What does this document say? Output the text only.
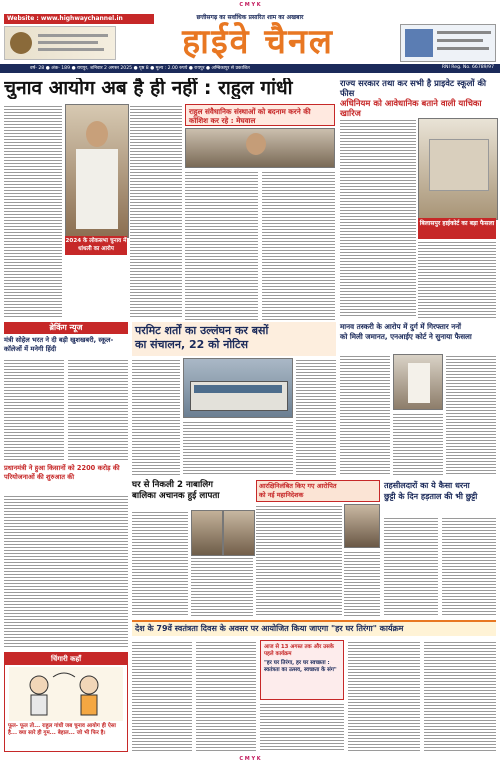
C M Y K
Website : www.highwaychannel.in	छत्तीसगढ़ का सर्वाधिक प्रसारित शाम का अखबार
हाईवे चैनल
वर्ष- 28 ● अंक- 189 ● रायपुर, शनिवार 2 अगस्त 2025 ● पृष्ठ 8 ● मूल्य : 2.00 रुपये ● रायपुर ● अम्बिकापुर से प्रकाशित	RNI Reg. No. 66789/97
चुनाव आयोग अब है ही नहीं : राहुल गांधी
2024 के लोकसभा चुनाव में धांधली का आरोप
राहुल संवैधानिक संस्थाओं को बदनाम करने की कोशिश कर रहे : मेघवाल
राज्य सरकार तथा कर सभी है प्राइवेट स्कूलों की फीस
अधिनियम को आवेधानिक बताने वाली याचिका खारिज
बिलासपुर हाईकोर्ट का बड़ा फैसला
ब्रेकिंग न्यूज
मंत्री सोहेल भरत ने दी बड़ी खुशखबरी, स्कूल-कॉलेजों में मनेगी हिंदी
प्रधानमंत्री ने हुआ किसानों को 2200 करोड़ की परियोजनाओं की शुरुआत की
परमिट शर्तों का उल्लंघन कर बसों
का संचालन, 22 को नोटिस
मानव तस्करी के आरोप में दुर्ग में गिरफ्तार ननों
को मिली जमानत, एनआईए कोर्ट ने सुनाया फैसला
घर से निकली 2 नाबालिग
बालिका अचानक हुई लापता
आरक्षिनिलंबित किए गए आरोपित
को नई महानिदेशक
तहसीलदारों का ये कैसा धरना
छुट्टी के दिन हड़ताल की भी छुट्टी
देश के 79वें स्वतंत्रता दिवस के अवसर पर आयोजित किया जाएगा "हर घर तिरंगा" कार्यक्रम
आज से 13 अगस्त तक और उसके पहले कार्यक्रम
"हर घर तिरंगा, हर घर स्वच्छता : स्वतंत्रता का उत्सव, स्वच्छता के संग"
चिंगारी कहाँ
फूल- फूल तो... राहुल गांधी जब चुनाव आयोग ही ऐसा है... क्या सारे ही गुम... बेहाल... जो भी फिर है।
C M Y K
